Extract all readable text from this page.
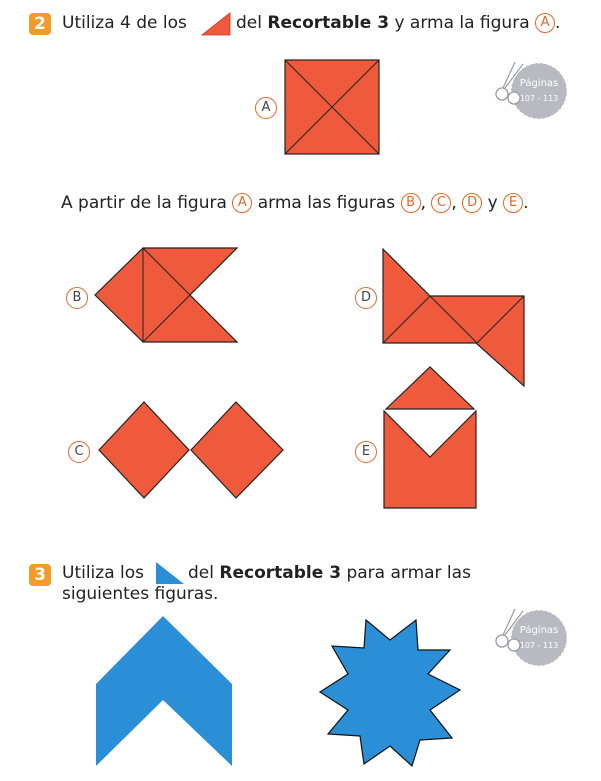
2 Utiliza 4 de los	del Recortable 3 y arma la figura A .
Páginas
107 - 113
A
A partir de la figura A arma las figuras B , C , D y E .
B	D
C	E
3 Utiliza los	del Recortable 3 para armar las
siguientes figuras.
Páginas
107 - 113
